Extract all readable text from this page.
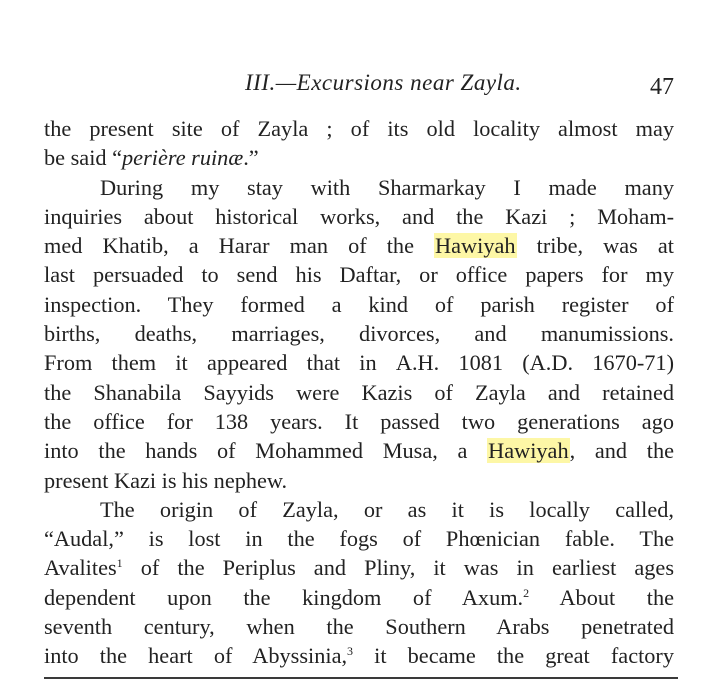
III.—Excursions near Zayla.	47
the present site of Zayla ; of its old locality almost may
be said “perière ruinæ.”
During my stay with Sharmarkay I made many
inquiries about historical works, and the Kazi ; Moham-
med Khatib, a Harar man of the Hawiyah tribe, was at
last persuaded to send his Daftar, or office papers for my
inspection. They formed a kind of parish register of
births, deaths, marriages, divorces, and manumissions.
From them it appeared that in A.H. 1081 (A.D. 1670-71)
the Shanabila Sayyids were Kazis of Zayla and retained
the office for 138 years. It passed two generations ago
into the hands of Mohammed Musa, a Hawiyah, and the
present Kazi is his nephew.
The origin of Zayla, or as it is locally called,
“Audal,” is lost in the fogs of Phœnician fable. The
Avalites$^1$ of the Periplus and Pliny, it was in earliest ages
dependent upon the kingdom of Axum.$^2$ About the
seventh century, when the Southern Arabs penetrated
into the heart of Abyssinia,$^3$ it became the great factory
